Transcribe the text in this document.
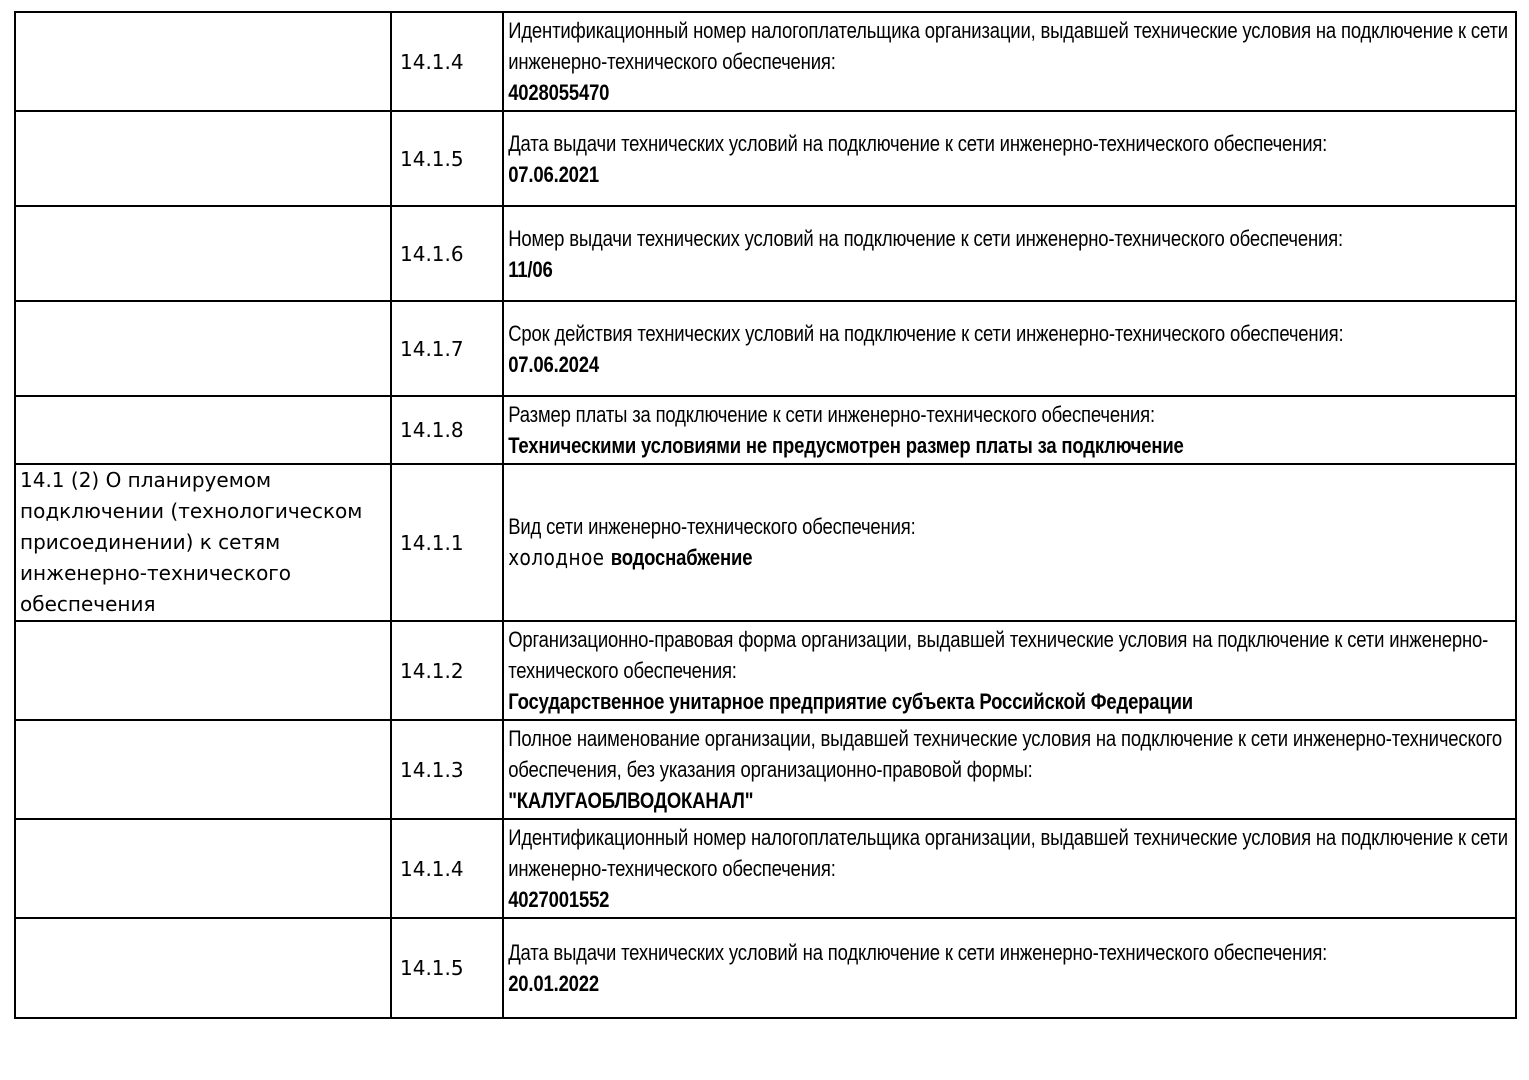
	14.1.4	Идентификационный номер налогоплательщика организации, выдавшей технические условия на подключение к сети инженерно-технического обеспечения:
4028055470

	14.1.5	Дата выдачи технических условий на подключение к сети инженерно-технического обеспечения:
07.06.2021

	14.1.6	Номер выдачи технических условий на подключение к сети инженерно-технического обеспечения:
11/06

	14.1.7	Срок действия технических условий на подключение к сети инженерно-технического обеспечения:
07.06.2024

	14.1.8	Размер платы за подключение к сети инженерно-технического обеспечения:
Техническими условиями не предусмотрен размер платы за подключение

14.1 (2) О планируемом подключении (технологическом присоединении) к сетям инженерно-технического обеспечения	14.1.1	Вид сети инженерно-технического обеспечения:
холодное водоснабжение

	14.1.2	Организационно-правовая форма организации, выдавшей технические условия на подключение к сети инженерно-технического обеспечения:
Государственное унитарное предприятие субъекта Российской Федерации

	14.1.3	Полное наименование организации, выдавшей технические условия на подключение к сети инженерно-технического обеспечения, без указания организационно-правовой формы:
"КАЛУГАОБЛВОДОКАНАЛ"

	14.1.4	Идентификационный номер налогоплательщика организации, выдавшей технические условия на подключение к сети инженерно-технического обеспечения:
4027001552

	14.1.5	Дата выдачи технических условий на подключение к сети инженерно-технического обеспечения:
20.01.2022
